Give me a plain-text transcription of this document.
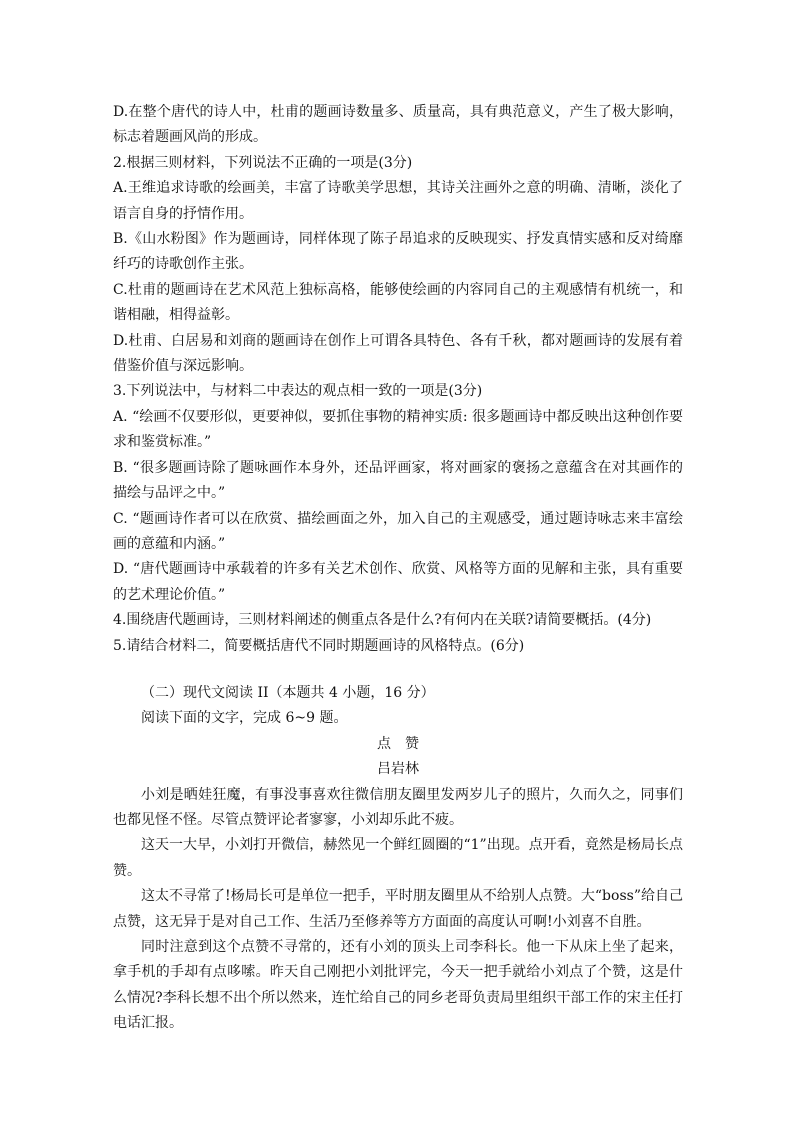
D.在整个唐代的诗人中，杜甫的题画诗数量多、质量高，具有典范意义，产生了极大影响，标志着题画风尚的形成。

2.根据三则材料，下列说法不正确的一项是(3分)

A.王维追求诗歌的绘画美，丰富了诗歌美学思想，其诗关注画外之意的明确、清晰，淡化了语言自身的抒情作用。

B.《山水粉图》作为题画诗，同样体现了陈子昂追求的反映现实、抒发真情实感和反对绮靡纤巧的诗歌创作主张。

C.杜甫的题画诗在艺术风范上独标高格，能够使绘画的内容同自己的主观感情有机统一，和谐相融，相得益彰。

D.杜甫、白居易和刘商的题画诗在创作上可谓各具特色、各有千秋，都对题画诗的发展有着借鉴价值与深远影响。

3.下列说法中，与材料二中表达的观点相一致的一项是(3分)

A. “绘画不仅要形似，更要神似，要抓住事物的精神实质: 很多题画诗中都反映出这种创作要求和鉴赏标准。”

B. “很多题画诗除了题咏画作本身外，还品评画家，将对画家的褒扬之意蕴含在对其画作的描绘与品评之中。”

C. “题画诗作者可以在欣赏、描绘画面之外，加入自己的主观感受，通过题诗咏志来丰富绘画的意蕴和内涵。”

D. “唐代题画诗中承载着的许多有关艺术创作、欣赏、风格等方面的见解和主张，具有重要的艺术理论价值。”

4.围绕唐代题画诗，三则材料阐述的侧重点各是什么?有何内在关联?请简要概括。(4分)

5.请结合材料二，简要概括唐代不同时期题画诗的风格特点。(6分)

（二）现代文阅读 II（本题共 4 小题，16 分）

阅读下面的文字，完成 6~9 题。

点赞

吕岩林

小刘是晒娃狂魔，有事没事喜欢往微信朋友圈里发两岁儿子的照片，久而久之，同事们也都见怪不怪。尽管点赞评论者寥寥，小刘却乐此不疲。

这天一大早，小刘打开微信，赫然见一个鲜红圆圈的“1”出现。点开看，竟然是杨局长点赞。

这太不寻常了!杨局长可是单位一把手，平时朋友圈里从不给别人点赞。大“boss”给自己点赞，这无异于是对自己工作、生活乃至修养等方方面面的高度认可啊!小刘喜不自胜。

同时注意到这个点赞不寻常的，还有小刘的顶头上司李科长。他一下从床上坐了起来，拿手机的手却有点哆嗦。昨天自己刚把小刘批评完，今天一把手就给小刘点了个赞，这是什么情况?李科长想不出个所以然来，连忙给自己的同乡老哥负责局里组织干部工作的宋主任打电话汇报。
